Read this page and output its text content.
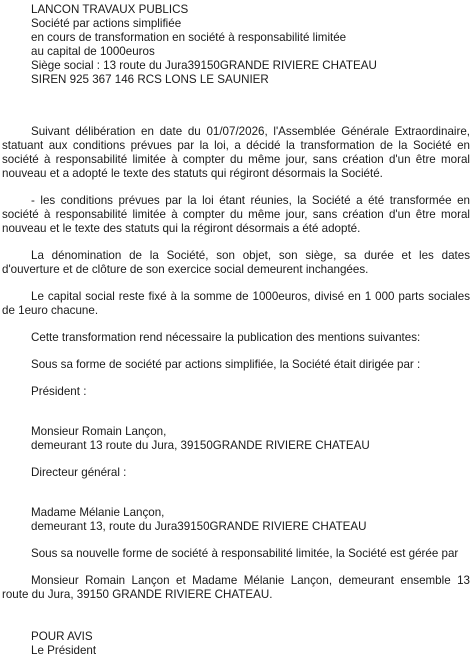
LANCON TRAVAUX PUBLICS
Société par actions simplifiée
en cours de transformation en société à responsabilité limitée
au capital de 1000euros
Siège social : 13 route du Jura39150GRANDE RIVIERE CHATEAU
SIREN 925 367 146 RCS LONS LE SAUNIER

Suivant délibération en date du 01/07/2026, l'Assemblée Générale Extraordinaire, statuant aux conditions prévues par la loi, a décidé la transformation de la Société en société à responsabilité limitée à compter du même jour, sans création d'un être moral nouveau et a adopté le texte des statuts qui régiront désormais la Société.

- les conditions prévues par la loi étant réunies, la Société a été transformée en société à responsabilité limitée à compter du même jour, sans création d'un être moral nouveau et le texte des statuts qui la régiront désormais a été adopté.

La dénomination de la Société, son objet, son siège, sa durée et les dates d'ouverture et de clôture de son exercice social demeurent inchangées.

Le capital social reste fixé à la somme de 1000euros, divisé en 1 000 parts sociales de 1euro chacune.

Cette transformation rend nécessaire la publication des mentions suivantes:

Sous sa forme de société par actions simplifiée, la Société était dirigée par :

Président :
Monsieur Romain Lançon,
demeurant 13 route du Jura, 39150GRANDE RIVIERE CHATEAU
Directeur général :
Madame Mélanie Lançon,
demeurant 13, route du Jura39150GRANDE RIVIERE CHATEAU

Sous sa nouvelle forme de société à responsabilité limitée, la Société est gérée par

Monsieur Romain Lançon et Madame Mélanie Lançon, demeurant ensemble 13 route du Jura, 39150 GRANDE RIVIERE CHATEAU.

POUR AVIS
Le Président
